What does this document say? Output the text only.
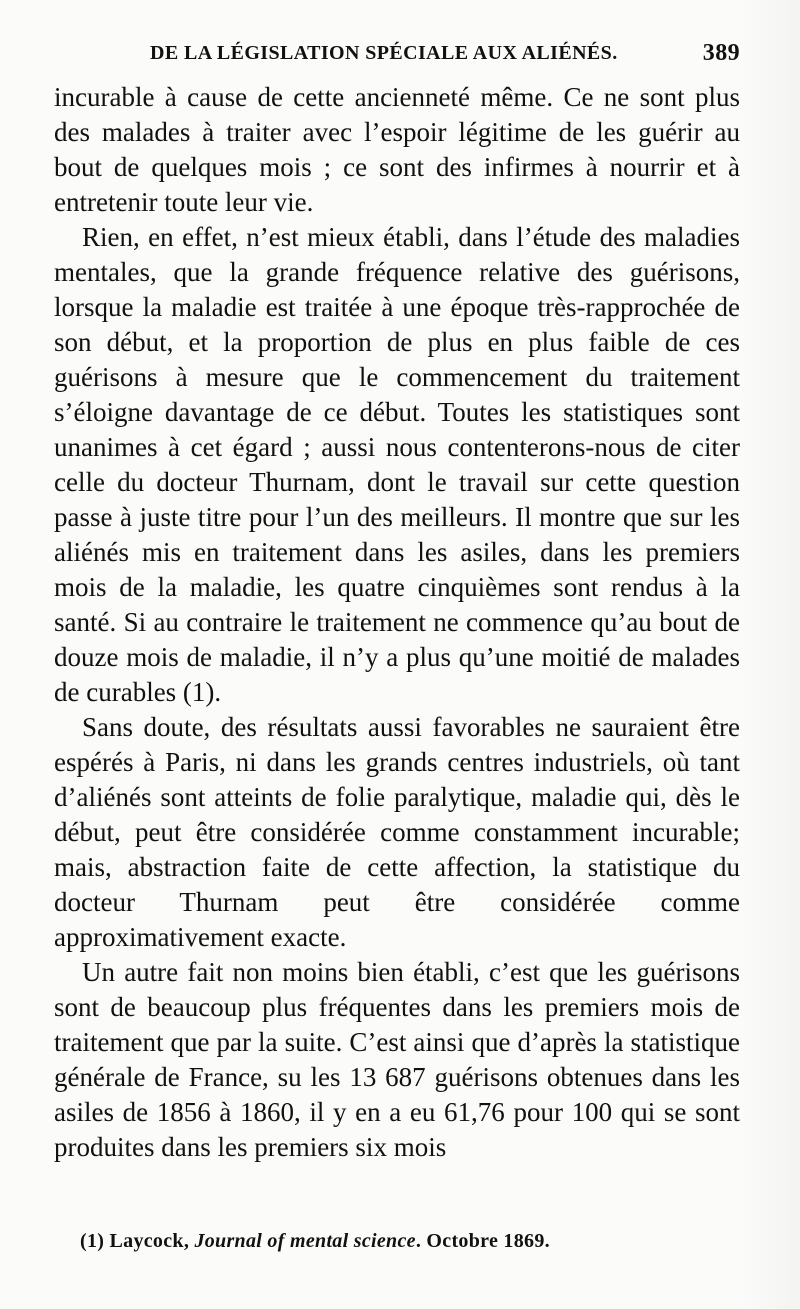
DE LA LÉGISLATION SPÉCIALE AUX ALIÉNÉS.	389

incurable à cause de cette ancienneté même. Ce ne sont plus des malades à traiter avec l’espoir légitime de les guérir au bout de quelques mois ; ce sont des infirmes à nourrir et à entretenir toute leur vie.

Rien, en effet, n’est mieux établi, dans l’étude des maladies mentales, que la grande fréquence relative des guérisons, lorsque la maladie est traitée à une époque très-rapprochée de son début, et la proportion de plus en plus faible de ces guérisons à mesure que le commencement du traitement s’éloigne davantage de ce début. Toutes les statistiques sont unanimes à cet égard ; aussi nous contenterons-nous de citer celle du docteur Thurnam, dont le travail sur cette question passe à juste titre pour l’un des meilleurs. Il montre que sur les aliénés mis en traitement dans les asiles, dans les premiers mois de la maladie, les quatre cinquièmes sont rendus à la santé. Si au contraire le traitement ne commence qu’au bout de douze mois de maladie, il n’y a plus qu’une moitié de malades de curables (1).

Sans doute, des résultats aussi favorables ne sauraient être espérés à Paris, ni dans les grands centres industriels, où tant d’aliénés sont atteints de folie paralytique, maladie qui, dès le début, peut être considérée comme constamment incurable; mais, abstraction faite de cette affection, la statistique du docteur Thurnam peut être considérée comme approximativement exacte.

Un autre fait non moins bien établi, c’est que les guérisons sont de beaucoup plus fréquentes dans les premiers mois de traitement que par la suite. C’est ainsi que d’après la statistique générale de France, su les 13 687 guérisons obtenues dans les asiles de 1856 à 1860, il y en a eu 61,76 pour 100 qui se sont produites dans les premiers six mois

(1) Laycock, Journal of mental science. Octobre 1869.
